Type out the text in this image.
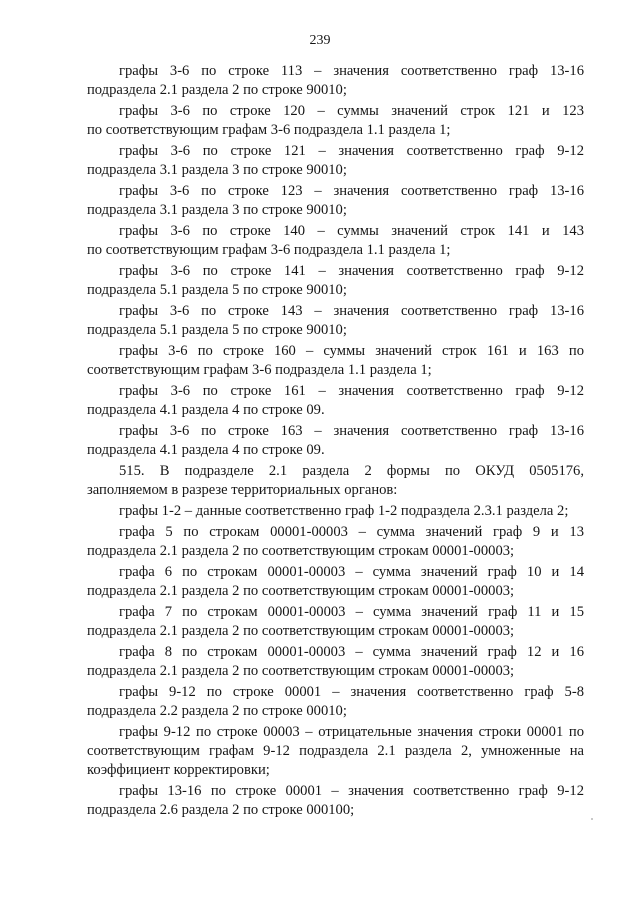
239

графы 3-6 по строке 113 – значения соответственно граф 13-16
подраздела 2.1 раздела 2 по строке 90010;

графы 3-6 по строке 120 – суммы значений строк 121 и 123
по соответствующим графам 3-6 подраздела 1.1 раздела 1;

графы 3-6 по строке 121 – значения соответственно граф 9-12
подраздела 3.1 раздела 3 по строке 90010;

графы 3-6 по строке 123 – значения соответственно граф 13-16
подраздела 3.1 раздела 3 по строке 90010;

графы 3-6 по строке 140 – суммы значений строк 141 и 143
по соответствующим графам 3-6 подраздела 1.1 раздела 1;

графы 3-6 по строке 141 – значения соответственно граф 9-12
подраздела 5.1 раздела 5 по строке 90010;

графы 3-6 по строке 143 – значения соответственно граф 13-16
подраздела 5.1 раздела 5 по строке 90010;

графы 3-6 по строке 160 – суммы значений строк 161 и 163 по
соответствующим графам 3-6 подраздела 1.1 раздела 1;

графы 3-6 по строке 161 – значения соответственно граф 9-12
подраздела 4.1 раздела 4 по строке 09.

графы 3-6 по строке 163 – значения соответственно граф 13-16
подраздела 4.1 раздела 4 по строке 09.

515. В подразделе 2.1 раздела 2 формы по ОКУД 0505176,
заполняемом в разрезе территориальных органов:

графы 1-2 – данные соответственно граф 1-2 подраздела 2.3.1 раздела 2;

графа 5 по строкам 00001-00003 – сумма значений граф 9 и 13
подраздела 2.1 раздела 2 по соответствующим строкам 00001-00003;

графа 6 по строкам 00001-00003 – сумма значений граф 10 и 14
подраздела 2.1 раздела 2 по соответствующим строкам 00001-00003;

графа 7 по строкам 00001-00003 – сумма значений граф 11 и 15
подраздела 2.1 раздела 2 по соответствующим строкам 00001-00003;

графа 8 по строкам 00001-00003 – сумма значений граф 12 и 16
подраздела 2.1 раздела 2 по соответствующим строкам 00001-00003;

графы 9-12 по строке 00001 – значения соответственно граф 5-8
подраздела 2.2 раздела 2 по строке 00010;

графы 9-12 по строке 00003 – отрицательные значения строки 00001 по
соответствующим графам 9-12 подраздела 2.1 раздела 2, умноженные на
коэффициент корректировки;

графы 13-16 по строке 00001 – значения соответственно граф 9-12
подраздела 2.6 раздела 2 по строке 000100;
